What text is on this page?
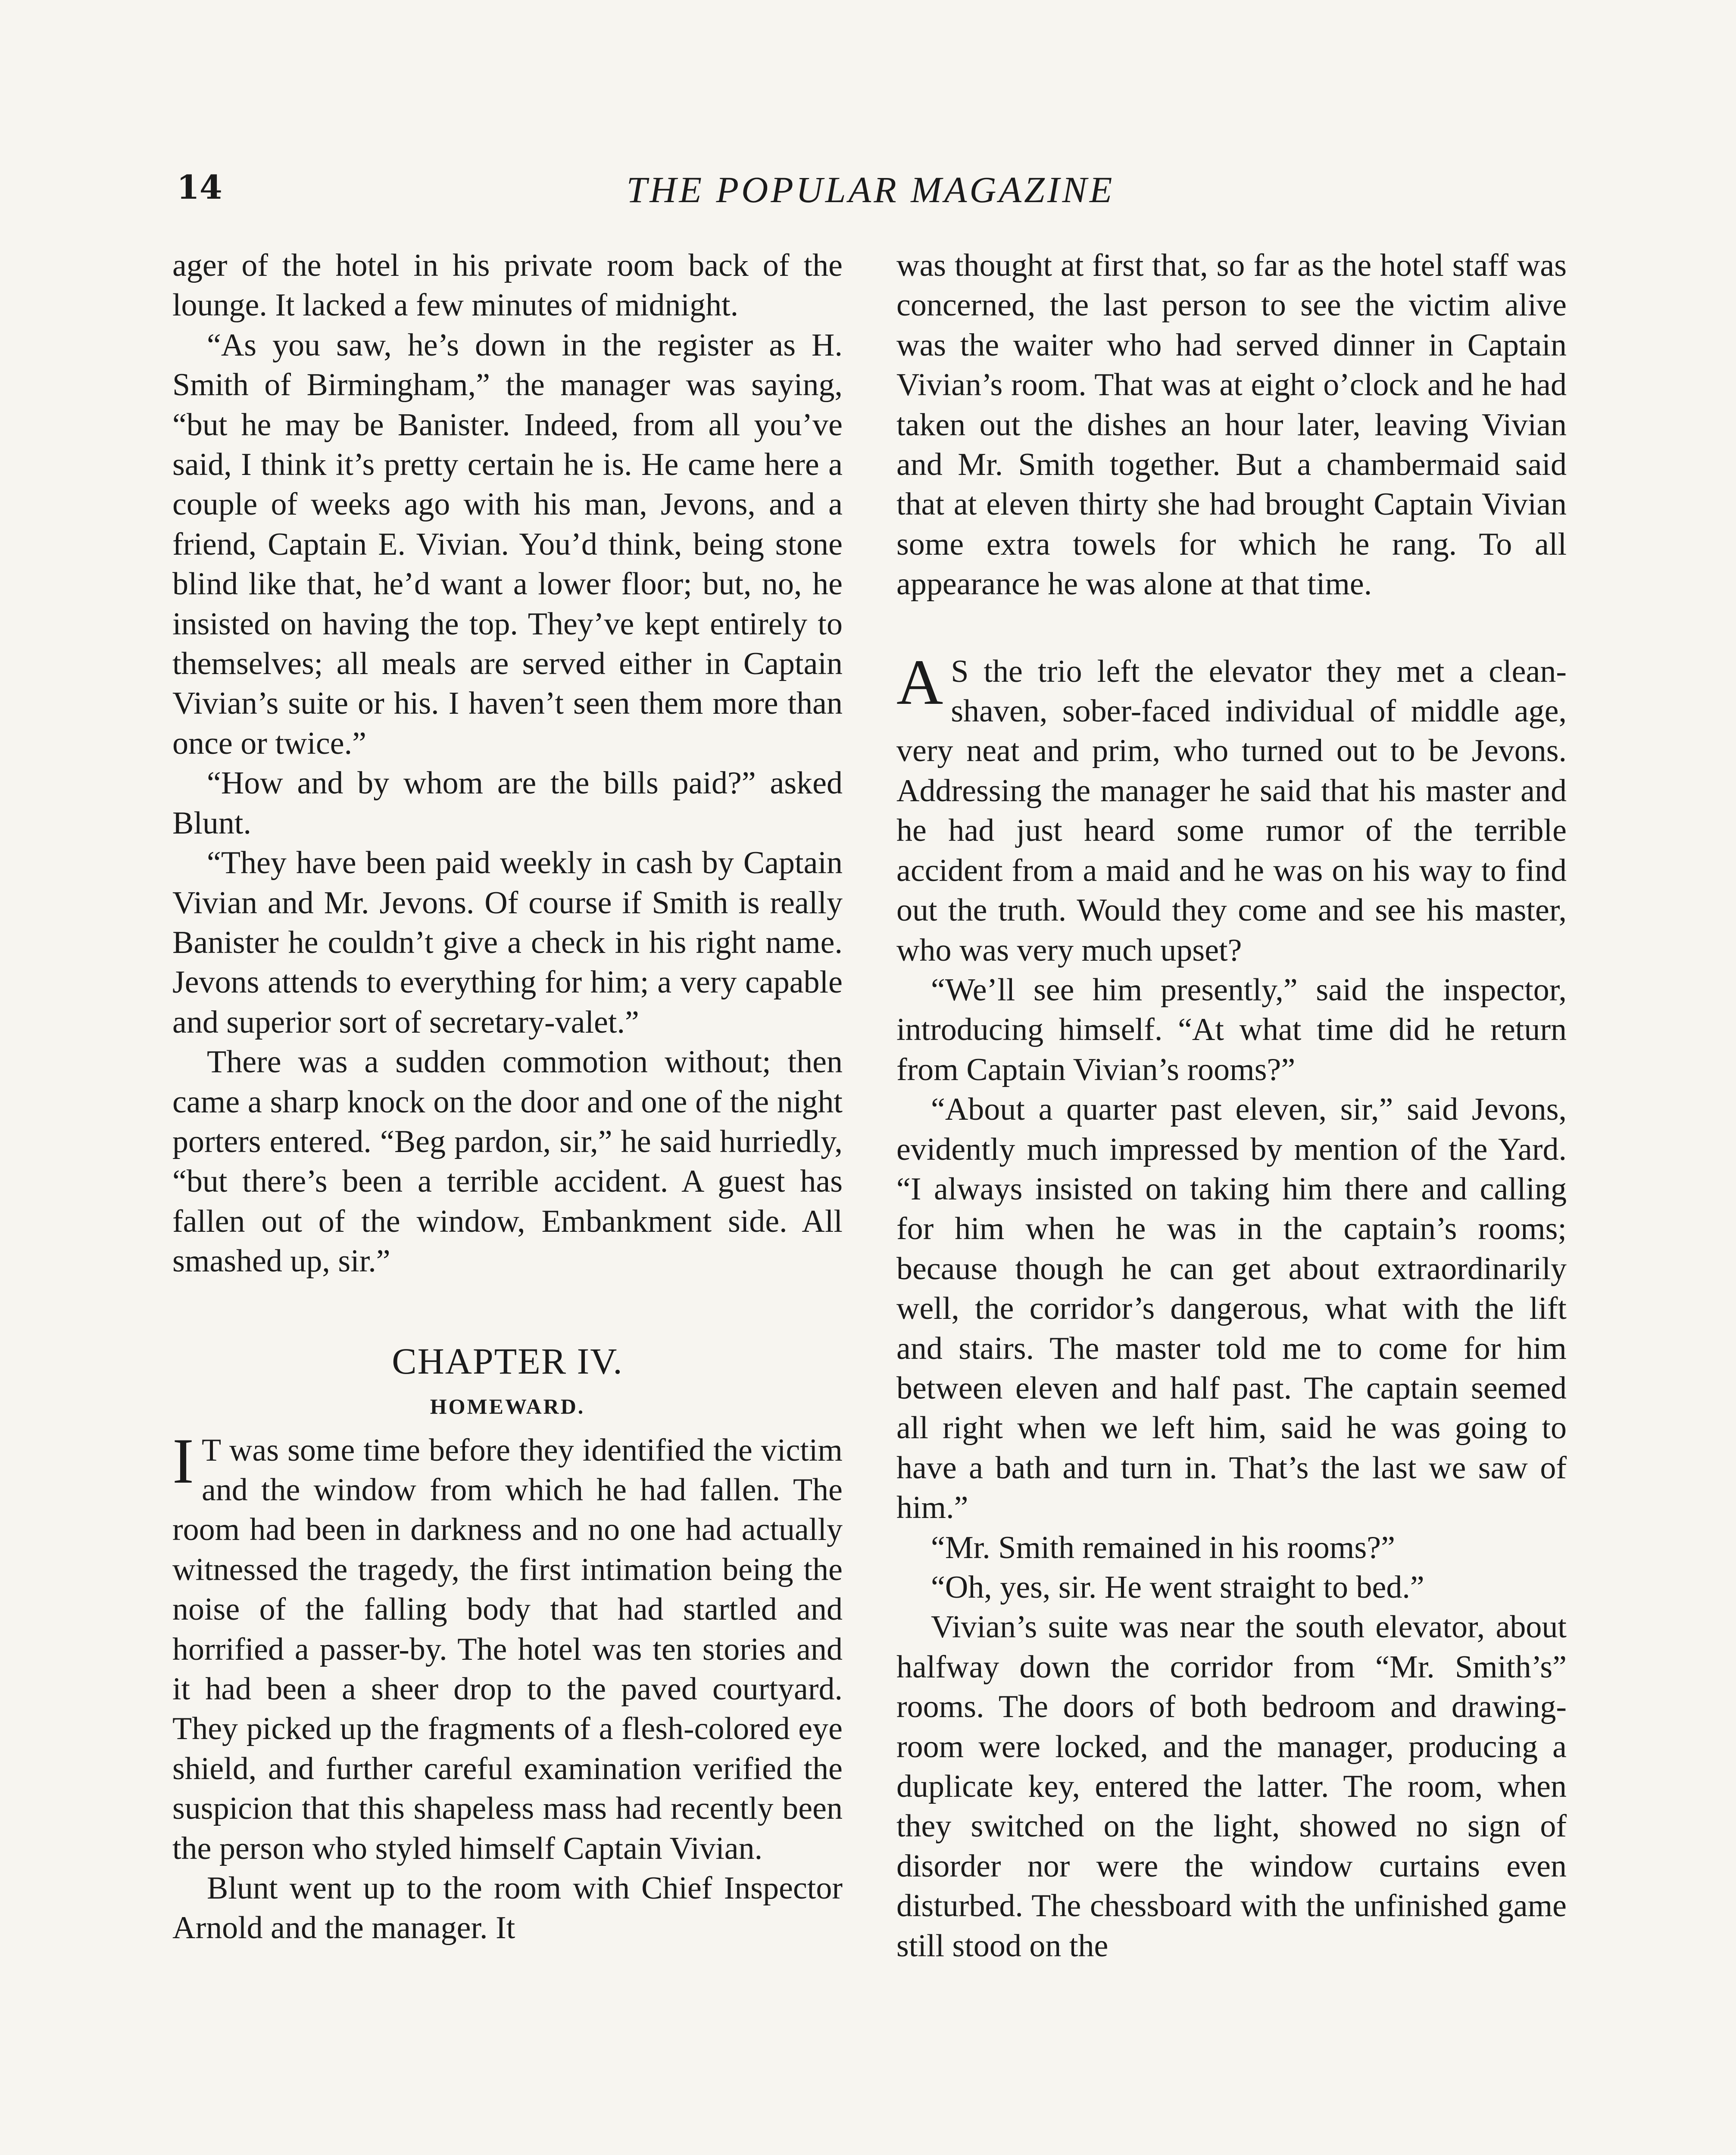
14	THE POPULAR MAGAZINE

ager of the hotel in his private room back of the lounge. It lacked a few minutes of midnight.

“As you saw, he’s down in the register as H. Smith of Birmingham,” the manager was saying, “but he may be Banister. Indeed, from all you’ve said, I think it’s pretty certain he is. He came here a couple of weeks ago with his man, Jevons, and a friend, Captain E. Vivian. You’d think, being stone blind like that, he’d want a lower floor; but, no, he insisted on having the top. They’ve kept entirely to themselves; all meals are served either in Captain Vivian’s suite or his. I haven’t seen them more than once or twice.”

“How and by whom are the bills paid?” asked Blunt.

“They have been paid weekly in cash by Captain Vivian and Mr. Jevons. Of course if Smith is really Banister he couldn’t give a check in his right name. Jevons attends to everything for him; a very capable and superior sort of secretary-valet.”

There was a sudden commotion without; then came a sharp knock on the door and one of the night porters entered. “Beg pardon, sir,” he said hurriedly, “but there’s been a terrible accident. A guest has fallen out of the window, Embankment side. All smashed up, sir.”

CHAPTER IV.
HOMEWARD.

I T was some time before they identified the victim and the window from which he had fallen. The room had been in darkness and no one had actually witnessed the tragedy, the first intimation being the noise of the falling body that had startled and horrified a passer-by. The hotel was ten stories and it had been a sheer drop to the paved courtyard. They picked up the fragments of a flesh-colored eye shield, and further careful examination verified the suspicion that this shapeless mass had recently been the person who styled himself Captain Vivian.

Blunt went up to the room with Chief Inspector Arnold and the manager. It

was thought at first that, so far as the hotel staff was concerned, the last person to see the victim alive was the waiter who had served dinner in Captain Vivian’s room. That was at eight o’clock and he had taken out the dishes an hour later, leaving Vivian and Mr. Smith together. But a chambermaid said that at eleven thirty she had brought Captain Vivian some extra towels for which he rang. To all appearance he was alone at that time.

A S the trio left the elevator they met a clean-shaven, sober-faced individual of middle age, very neat and prim, who turned out to be Jevons. Addressing the manager he said that his master and he had just heard some rumor of the terrible accident from a maid and he was on his way to find out the truth. Would they come and see his master, who was very much upset?

“We’ll see him presently,” said the inspector, introducing himself. “At what time did he return from Captain Vivian’s rooms?”

“About a quarter past eleven, sir,” said Jevons, evidently much impressed by mention of the Yard. “I always insisted on taking him there and calling for him when he was in the captain’s rooms; because though he can get about extraordinarily well, the corridor’s dangerous, what with the lift and stairs. The master told me to come for him between eleven and half past. The captain seemed all right when we left him, said he was going to have a bath and turn in. That’s the last we saw of him.”

“Mr. Smith remained in his rooms?”

“Oh, yes, sir. He went straight to bed.”

Vivian’s suite was near the south elevator, about halfway down the corridor from “Mr. Smith’s” rooms. The doors of both bedroom and drawing-room were locked, and the manager, producing a duplicate key, entered the latter. The room, when they switched on the light, showed no sign of disorder nor were the window curtains even disturbed. The chessboard with the unfinished game still stood on the
